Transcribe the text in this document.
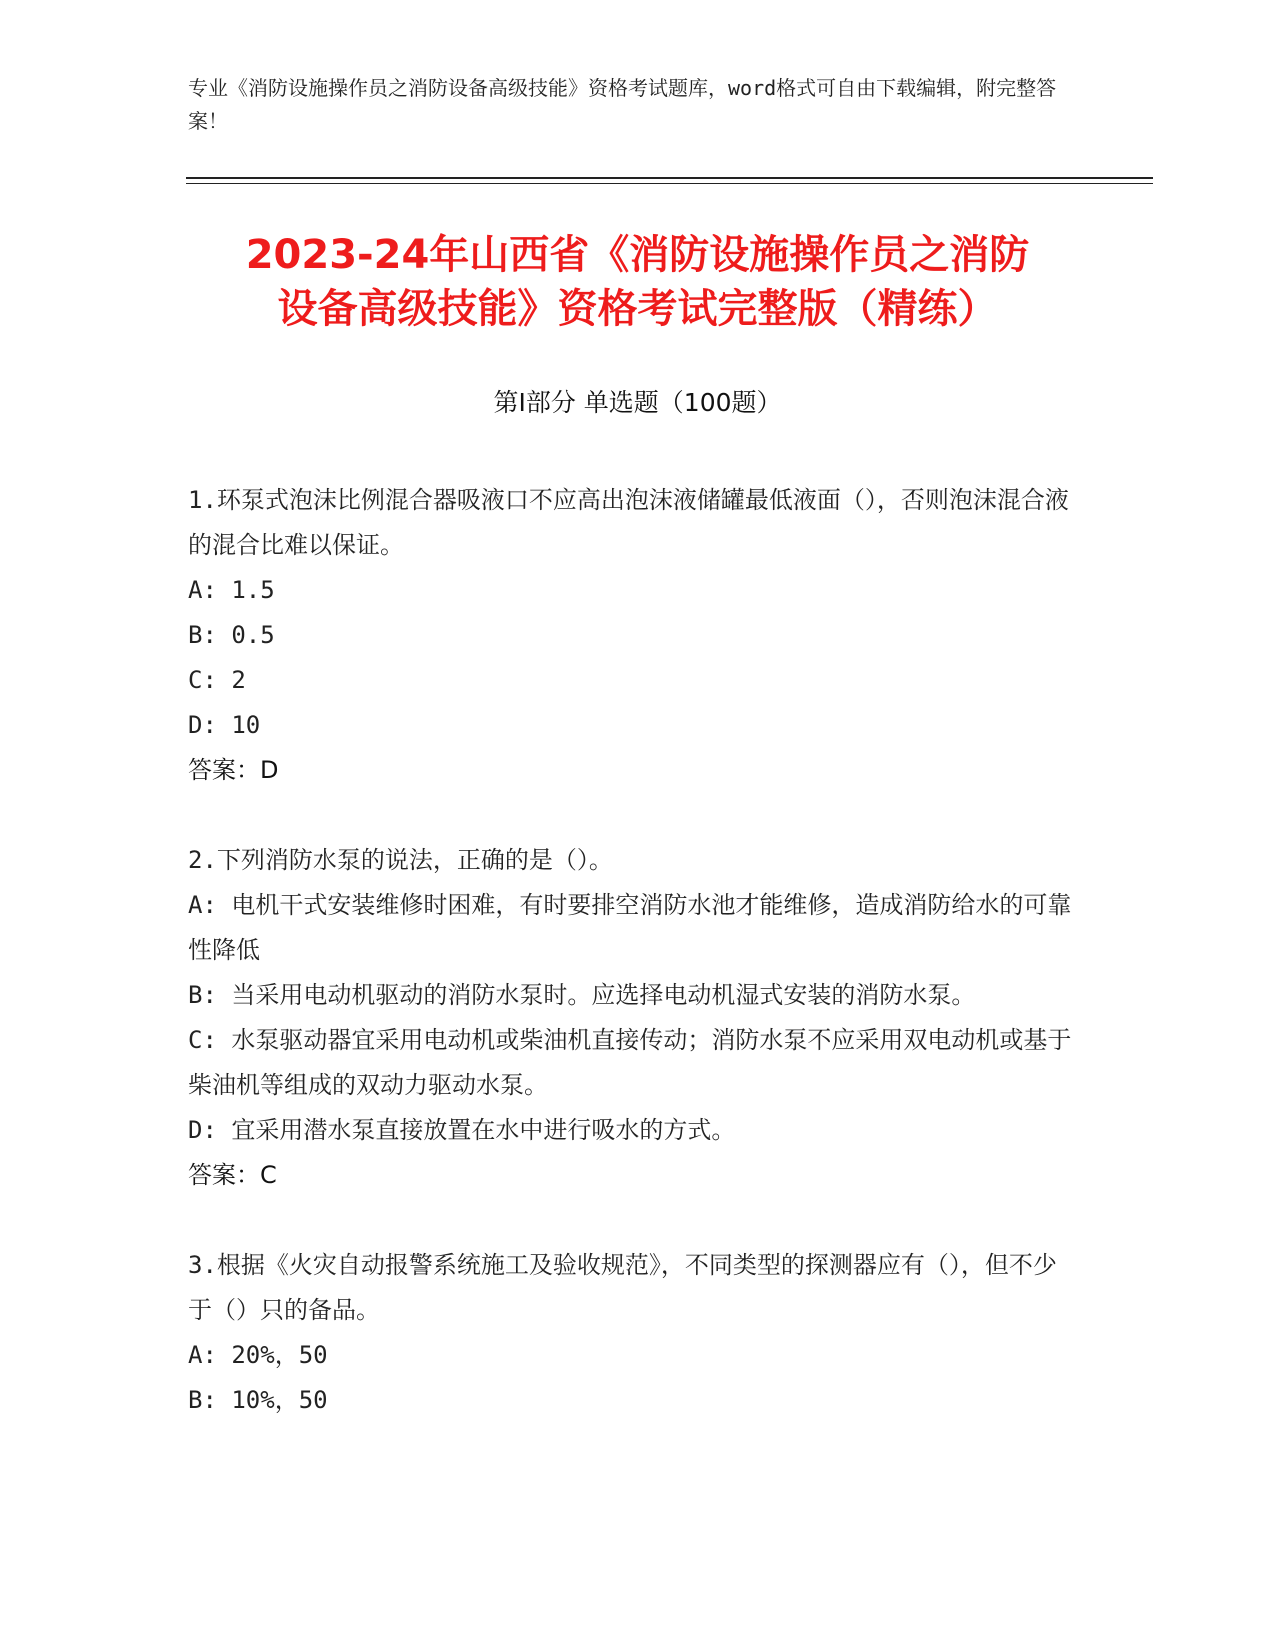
专业《消防设施操作员之消防设备高级技能》资格考试题库，word格式可自由下载编辑，附完整答案！
2023-24年山西省《消防设施操作员之消防
设备高级技能》资格考试完整版（精练）
第Ⅰ部分 单选题（100题）

1.环泵式泡沫比例混合器吸液口不应高出泡沫液储罐最低液面（），否则泡沫混合液的混合比难以保证。

A: 1.5

B: 0.5

C: 2

D: 10

答案：D

2.下列消防水泵的说法，正确的是（）。

A: 电机干式安装维修时困难，有时要排空消防水池才能维修，造成消防给水的可靠性降低

B: 当采用电动机驱动的消防水泵时。应选择电动机湿式安装的消防水泵。

C: 水泵驱动器宜采用电动机或柴油机直接传动；消防水泵不应采用双电动机或基于柴油机等组成的双动力驱动水泵。

D: 宜采用潜水泵直接放置在水中进行吸水的方式。

答案：C

3.根据《火灾自动报警系统施工及验收规范》，不同类型的探测器应有（），但不少于（）只的备品。

A: 20%，50

B: 10%，50
